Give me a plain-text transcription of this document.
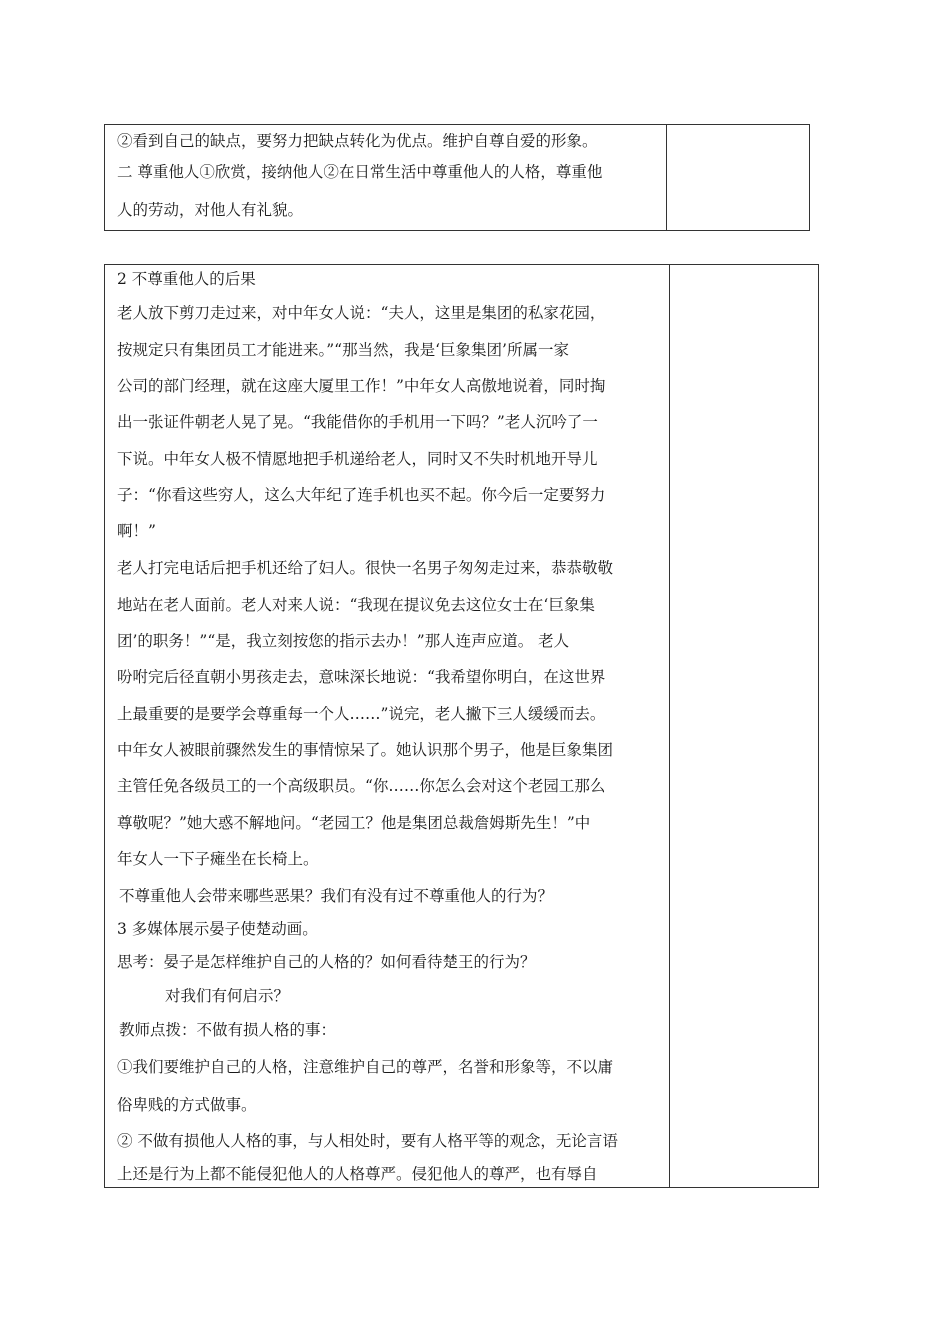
②看到自己的缺点，要努力把缺点转化为优点。维护自尊自爱的形象。
二 尊重他人①欣赏，接纳他人②在日常生活中尊重他人的人格，尊重他
人的劳动，对他人有礼貌。
2 不尊重他人的后果
老人放下剪刀走过来，对中年女人说：“夫人，这里是集团的私家花园，
按规定只有集团员工才能进来。”“那当然，我是‘巨象集团’所属一家
公司的部门经理，就在这座大厦里工作！”中年女人高傲地说着，同时掏
出一张证件朝老人晃了晃。“我能借你的手机用一下吗？”老人沉吟了一
下说。中年女人极不情愿地把手机递给老人，同时又不失时机地开导儿
子：“你看这些穷人，这么大年纪了连手机也买不起。你今后一定要努力
啊！”
老人打完电话后把手机还给了妇人。很快一名男子匆匆走过来，恭恭敬敬
地站在老人面前。老人对来人说：“我现在提议免去这位女士在‘巨象集
团’的职务！”“是，我立刻按您的指示去办！”那人连声应道。 老人
吩咐完后径直朝小男孩走去，意味深长地说：“我希望你明白，在这世界
上最重要的是要学会尊重每一个人……”说完，老人撇下三人缓缓而去。
中年女人被眼前骤然发生的事情惊呆了。她认识那个男子，他是巨象集团
主管任免各级员工的一个高级职员。“你……你怎么会对这个老园工那么
尊敬呢？”她大惑不解地问。“老园工？他是集团总裁詹姆斯先生！”中
年女人一下子瘫坐在长椅上。
不尊重他人会带来哪些恶果？我们有没有过不尊重他人的行为？
3 多媒体展示晏子使楚动画。
思考：晏子是怎样维护自己的人格的？如何看待楚王的行为？
对我们有何启示？
教师点拨：不做有损人格的事：
①我们要维护自己的人格，注意维护自己的尊严，名誉和形象等，不以庸
俗卑贱的方式做事。
② 不做有损他人人格的事，与人相处时，要有人格平等的观念，无论言语
上还是行为上都不能侵犯他人的人格尊严。侵犯他人的尊严，也有辱自
